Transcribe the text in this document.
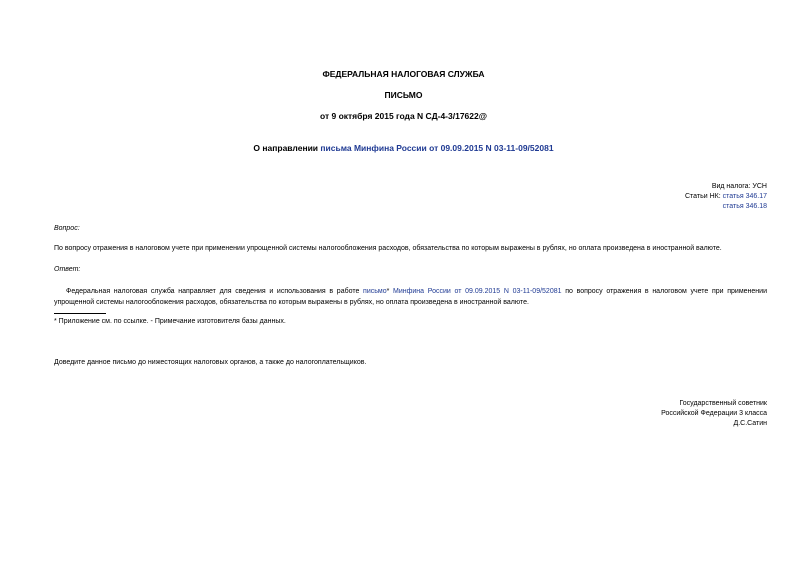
ФЕДЕРАЛЬНАЯ НАЛОГОВАЯ СЛУЖБА
ПИСЬМО
от 9 октября 2015 года N СД-4-3/17622@
О направлении письма Минфина России от 09.09.2015 N 03-11-09/52081
Вид налога: УСН
Статьи НК: статья 346.17
статья 346.18
Вопрос:
По вопросу отражения в налоговом учете при применении упрощенной системы налогообложения расходов, обязательства по которым выражены в рублях, но оплата произведена в иностранной валюте.
Ответ:
Федеральная налоговая служба направляет для сведения и использования в работе письмо* Минфина России от 09.09.2015 N 03-11-09/52081 по вопросу отражения в налоговом учете при применении упрощенной системы налогообложения расходов, обязательства по которым выражены в рублях, но оплата произведена в иностранной валюте.
* Приложение см. по ссылке. - Примечание изготовителя базы данных.
Доведите данное письмо до нижестоящих налоговых органов, а также до налогоплательщиков.
Государственный советник
Российской Федерации 3 класса
Д.С.Сатин
